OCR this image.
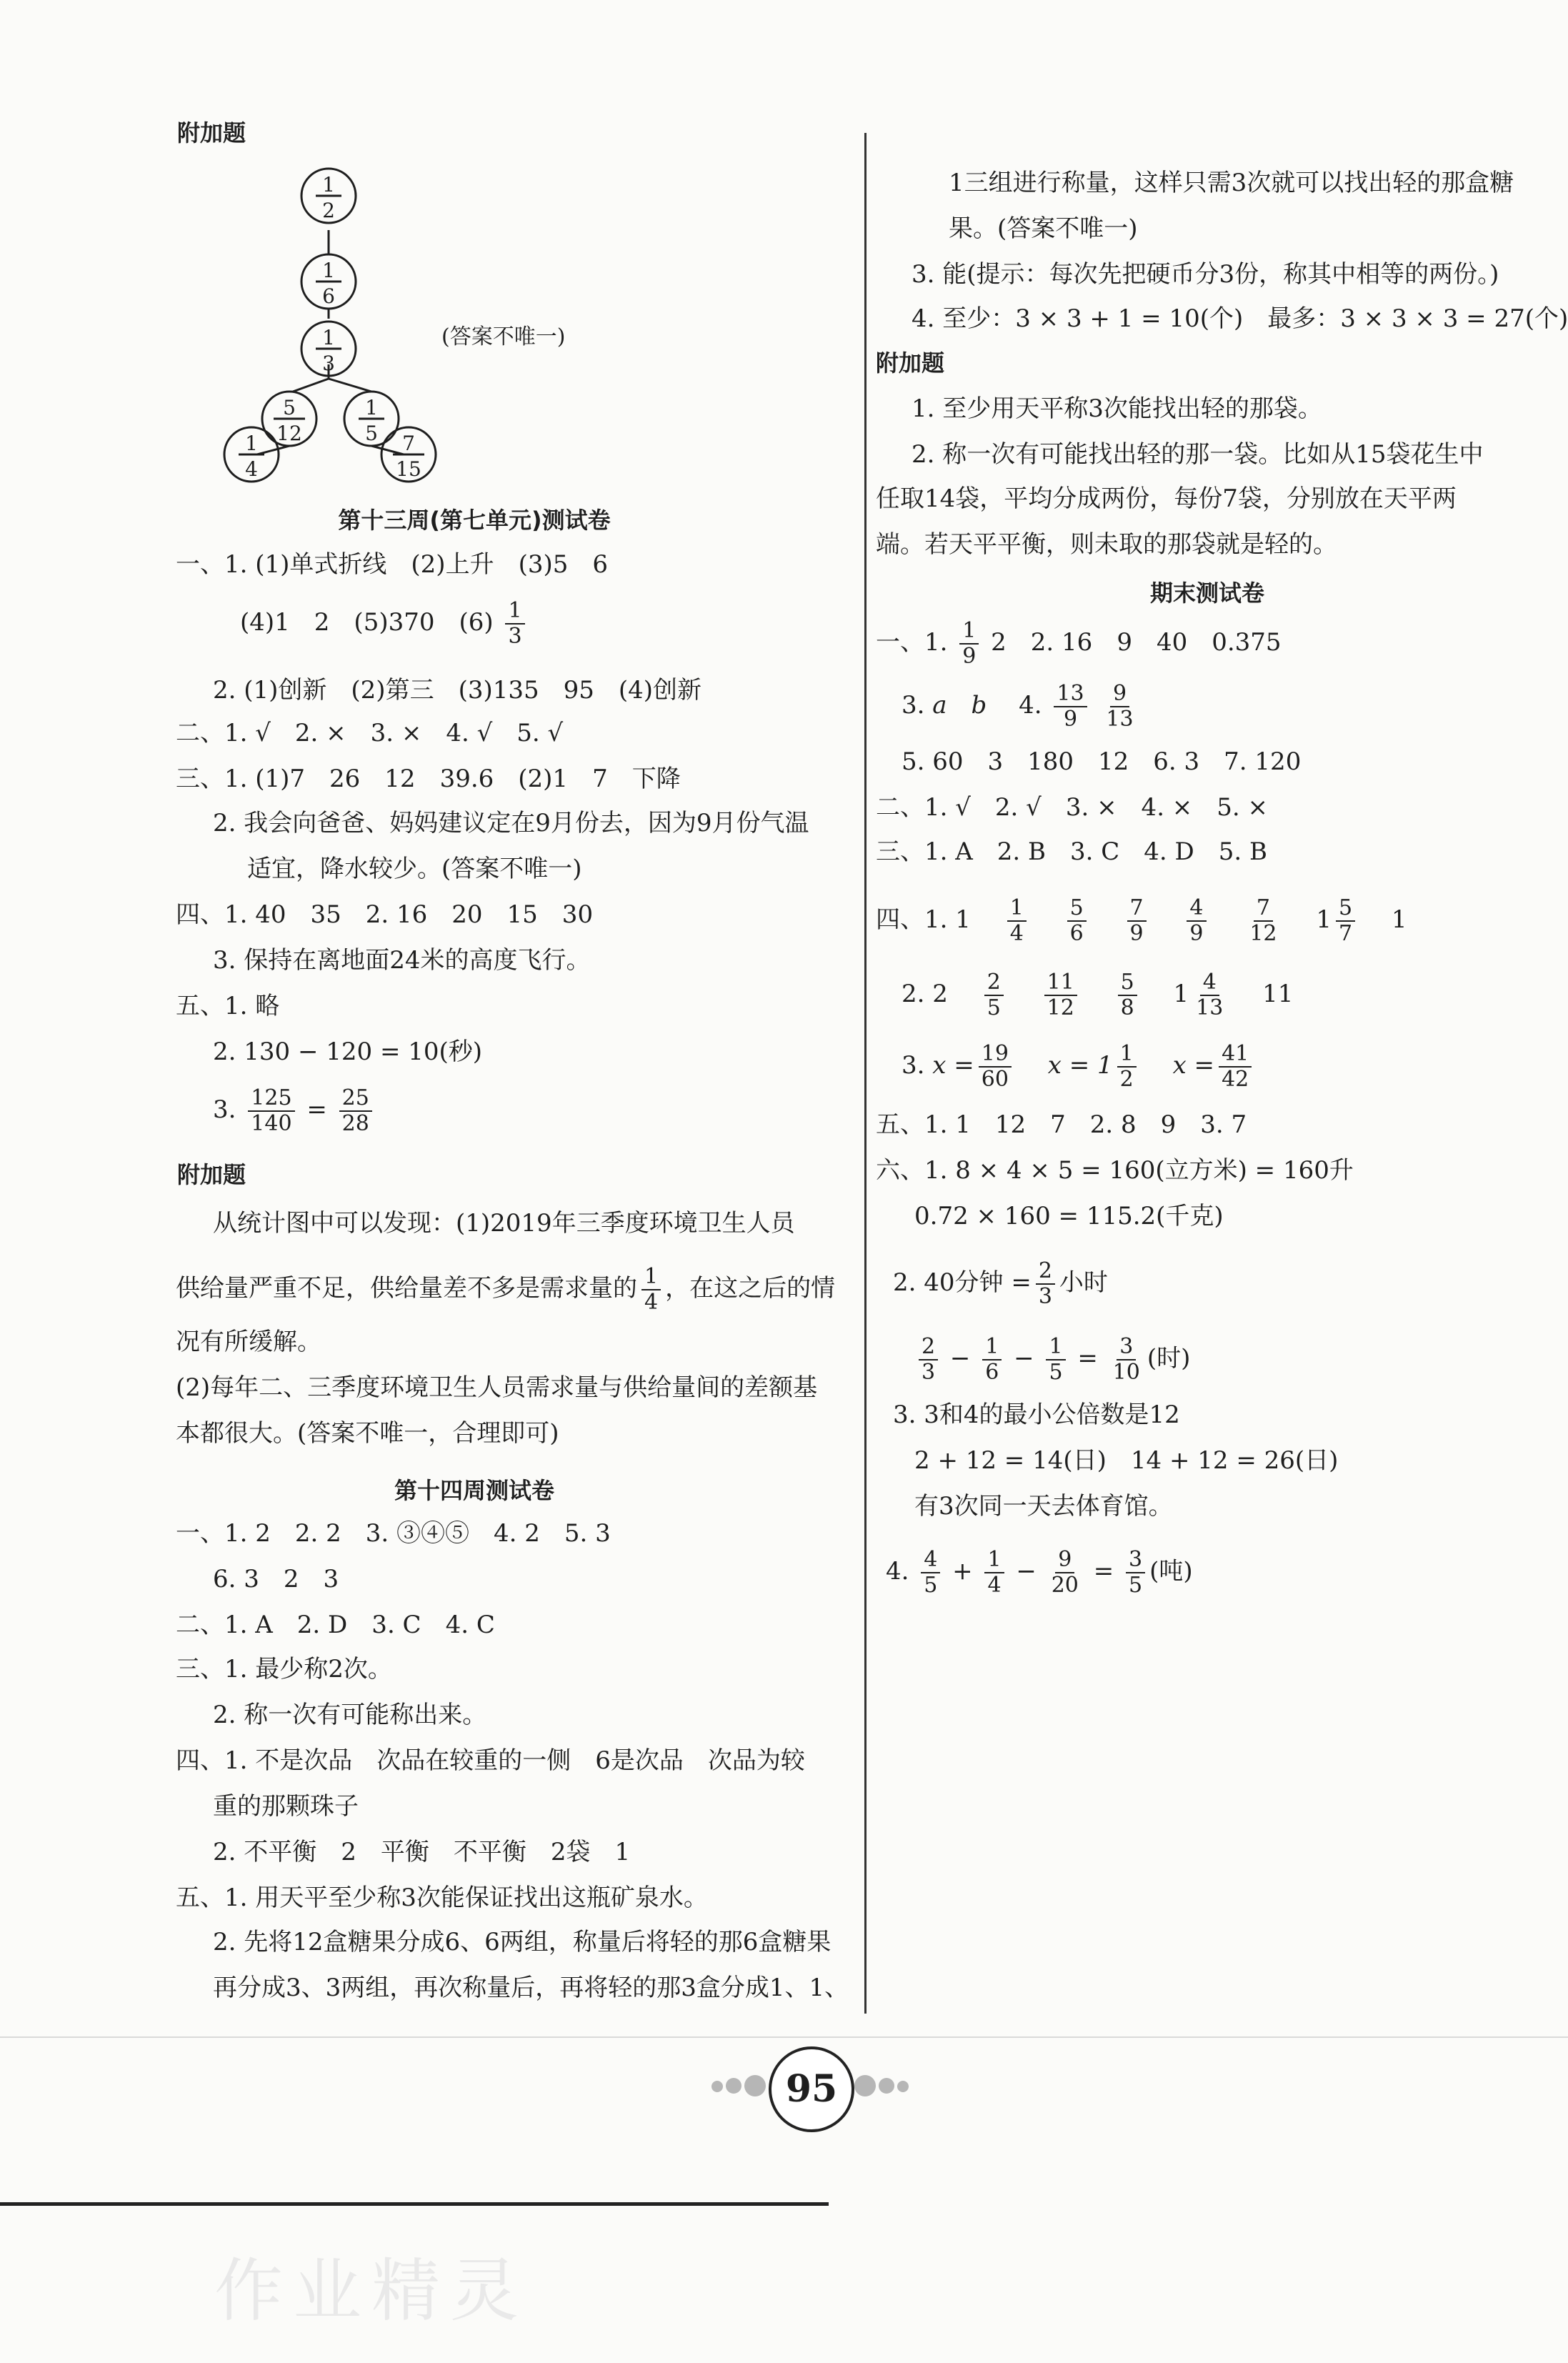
附加题
1
2
1
6
1
3
5
12
1
5
1
4
7
15
(答案不唯一)
第十三周(第七单元)测试卷
一、1. (1)单式折线　(2)上升　(3)5　6
(4)1　2　(5)370　$(6) \frac{1}{3}$
2. (1)创新　(2)第三　(3)135　95　(4)创新
二、1. √　2. ×　3. ×　4. √　5. √
三、1. (1)7　26　12　39.6　(2)1　7　下降
2. 我会向爸爸、妈妈建议定在9月份去，因为9月份气温
适宜，降水较少。(答案不唯一)
四、1. 40　35　2. 16　20　15　30
3. 保持在离地面24米的高度飞行。
五、1. 略
2. 130 − 120 = 10(秒)
3. $\frac{125}{140} = \frac{25}{28}$
附加题
从统计图中可以发现：(1)2019年三季度环境卫生人员
供给量严重不足，供给量差不多是需求量的 $\frac{1}{4}$ ，在这之后的情
况有所缓解。
(2)每年二、三季度环境卫生人员需求量与供给量间的差额基
本都很大。(答案不唯一，合理即可)
第十四周测试卷
一、1. 2　2. 2　3. ③④⑤　4. 2　5. 3
6. 3　2　3
二、1. A　2. D　3. C　4. C
三、1. 最少称2次。
2. 称一次有可能称出来。
四、1. 不是次品　次品在较重的一侧　6是次品　次品为较
重的那颗珠子
2. 不平衡　2　平衡　不平衡　2袋　1
五、1. 用天平至少称3次能保证找出这瓶矿泉水。
2. 先将12盒糖果分成6、6两组，称量后将轻的那6盒糖果
再分成3、3两组，再次称量后，再将轻的那3盒分成1、1、
1三组进行称量，这样只需3次就可以找出轻的那盒糖
果。(答案不唯一)
3. 能(提示：每次先把硬币分3份，称其中相等的两份。)
4. 至少：3 × 3 + 1 = 10(个)　最多：3 × 3 × 3 = 27(个)
附加题
1. 至少用天平称3次能找出轻的那袋。
2. 称一次有可能找出轻的那一袋。比如从15袋花生中
任取14袋，平均分成两份，每份7袋，分别放在天平两
端。若天平平衡，则未取的那袋就是轻的。
期末测试卷
一、1. $\frac{1}{9} 2$　2. 16　9　40　0.375
3. a　 b　 4. $\frac{13}{9}$
$\frac{9}{13}$
5. 60　3　180　12　6. 3　7. 120
二、1. √　2. √　3. ×　4. ×　5. ×
三、1. A　2. B　3. C　4. D　5. B
四、1. 1　 $\frac{1}{4}$
　 $\frac{5}{6}$
　 $\frac{7}{9}$
　 $\frac{4}{9}$
　 $\frac{7}{12}$
　 $1 \frac{5}{7}$
　 1
2. 2　 $\frac{2}{5}$
　 $\frac{11}{12}$
　 $\frac{5}{8}$
　 $1 \frac{4}{13}$
　 11
3. $x = \frac{19}{60}$
　 $x = 1 \frac{1}{2}$
　 $x = \frac{41}{42}$
五、1. 1　12　7　2. 8　9　3. 7
六、1. 8 × 4 × 5 = 160(立方米) = 160升
0.72 × 160 = 115.2(千克)
2. 40分钟 = $\frac{2}{3}$ 小时
$\frac{2}{3} - \frac{1}{6} - \frac{1}{5} = \frac{3}{10}$ (时)
3. 3和4的最小公倍数是12
2 + 12 = 14(日)　14 + 12 = 26(日)
有3次同一天去体育馆。
4. $\frac{4}{5} + \frac{1}{4} - \frac{9}{20} = \frac{3}{5}$ (吨)
95
作业精灵
